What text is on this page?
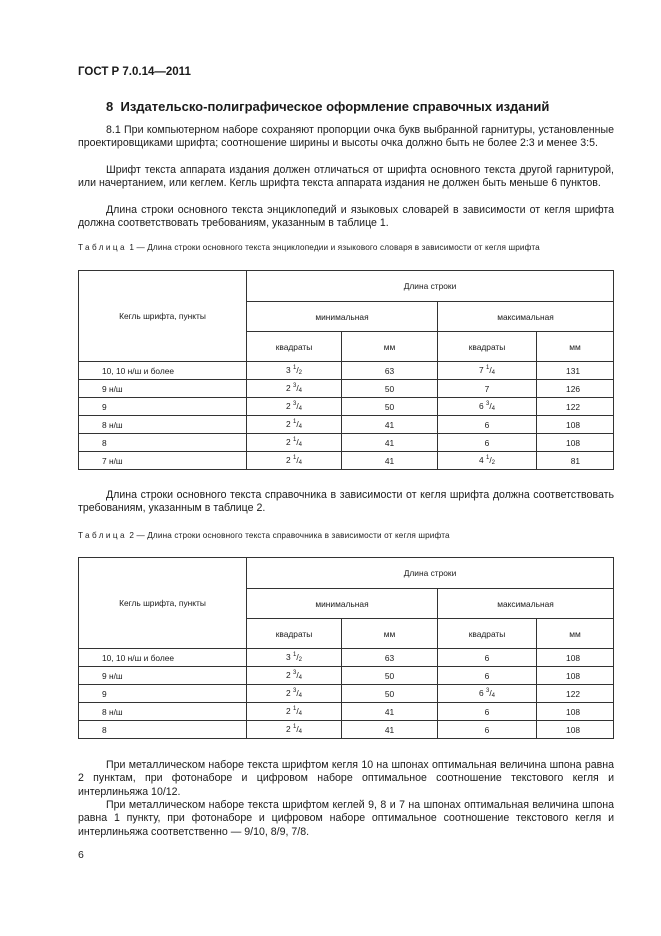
ГОСТ Р 7.0.14—2011
8 Издательско-полиграфическое оформление справочных изданий
8.1 При компьютерном наборе сохраняют пропорции очка букв выбранной гарнитуры, установленные проектировщиками шрифта; соотношение ширины и высоты очка должно быть не более 2:3 и менее 3:5.
Шрифт текста аппарата издания должен отличаться от шрифта основного текста другой гарнитурой, или начертанием, или кеглем. Кегль шрифта текста аппарата издания не должен быть меньше 6 пунктов.
Длина строки основного текста энциклопедий и языковых словарей в зависимости от кегля шрифта должна соответствовать требованиям, указанным в таблице 1.
Таблица 1 — Длина строки основного текста энциклопедии и языкового словаря в зависимости от кегля шрифта
Кегль шрифта, пункты	Длина строки			
	минимальная		максимальная	
	квадраты	мм	квадраты	мм
10, 10 н/ш и более	3 $^1/_2$	63	7 $^1/_4$	131
9 н/ш	2 $^3/_4$	50	7	126
9	2 $^3/_4$	50	6 $^3/_4$	122
8 н/ш	2 $^1/_4$	41	6	108
8	2 $^1/_4$	41	6	108
7 н/ш	2 $^1/_4$	41	4 $^1/_2$	81
Длина строки основного текста справочника в зависимости от кегля шрифта должна соответствовать требованиям, указанным в таблице 2.
Таблица 2 — Длина строки основного текста справочника в зависимости от кегля шрифта
Кегль шрифта, пункты	Длина строки			
	минимальная		максимальная	
	квадраты	мм	квадраты	мм
10, 10 н/ш и более	3 $^1/_2$	63	6	108
9 н/ш	2 $^3/_4$	50	6	108
9	2 $^3/_4$	50	6 $^3/_4$	122
8 н/ш	2 $^1/_4$	41	6	108
8	2 $^1/_4$	41	6	108
При металлическом наборе текста шрифтом кегля 10 на шпонах оптимальная величина шпона равна 2 пунктам, при фотонаборе и цифровом наборе оптимальное соотношение текстового кегля и интерлиньяжа 10/12.
При металлическом наборе текста шрифтом кеглей 9, 8 и 7 на шпонах оптимальная величина шпона равна 1 пункту, при фотонаборе и цифровом наборе оптимальное соотношение текстового кегля и интерлиньяжа соответственно — 9/10, 8/9, 7/8.
6
